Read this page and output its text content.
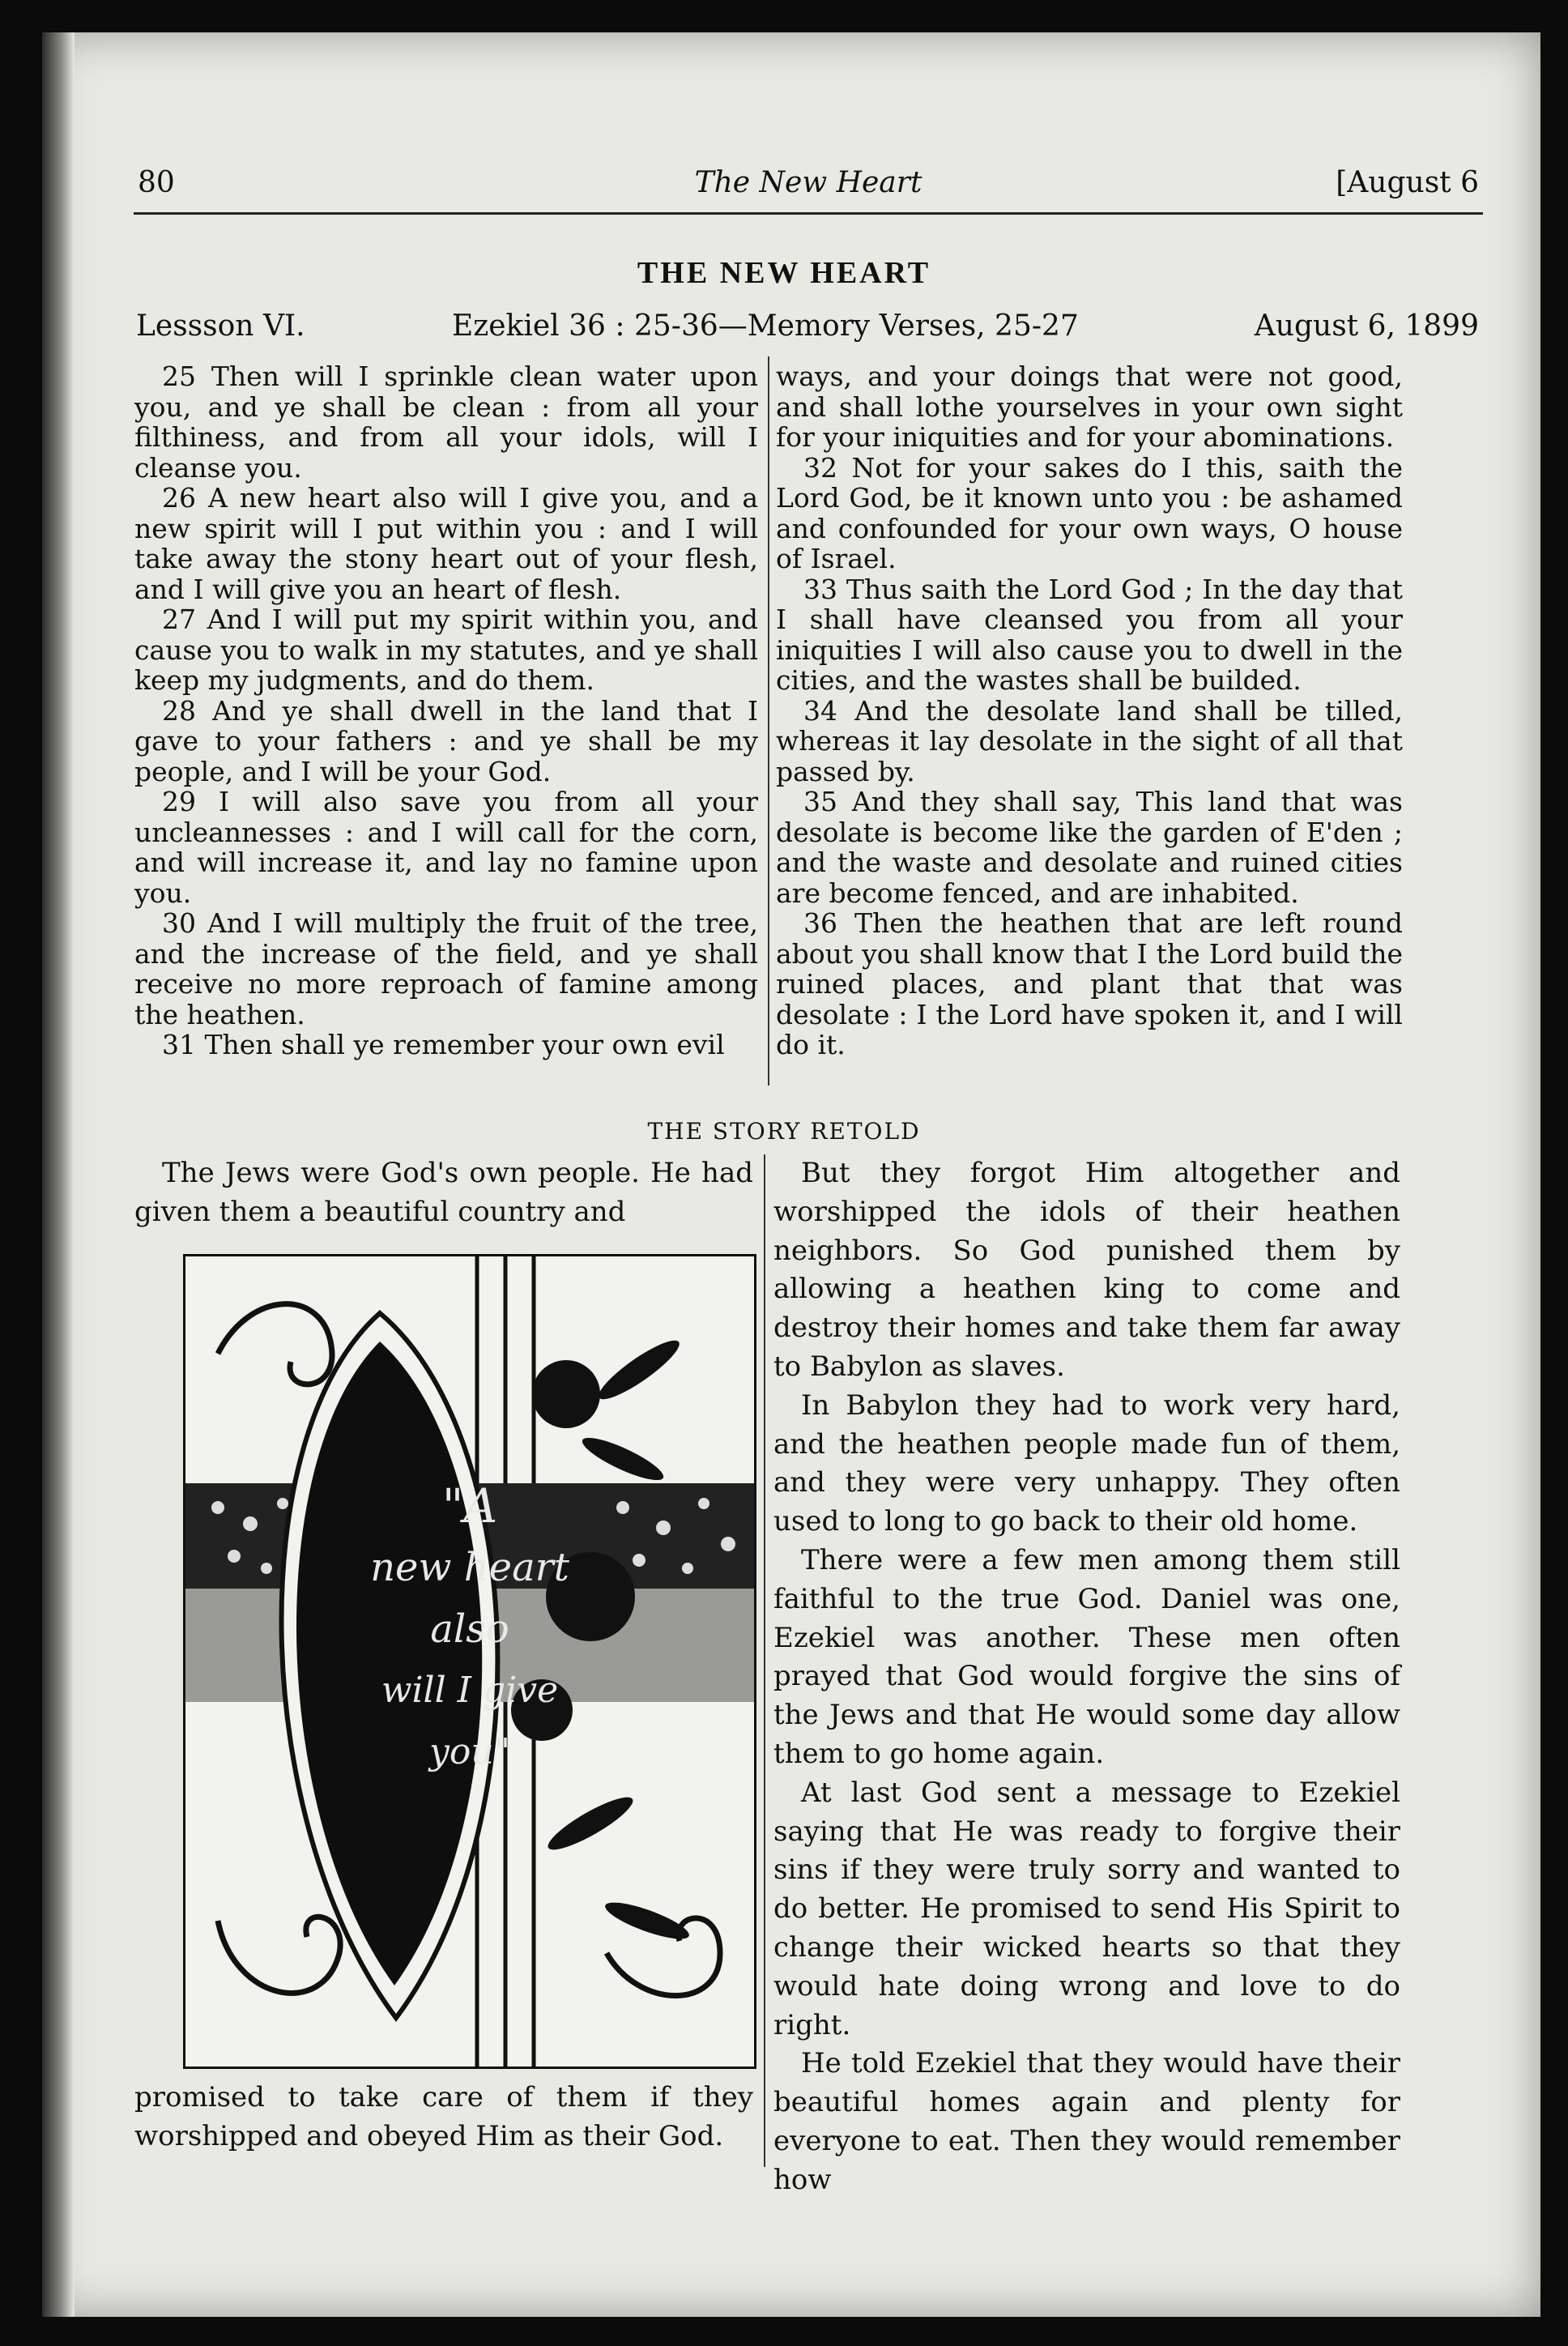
80	The New Heart	[August 6
THE NEW HEART
Lessson VI.	Ezekiel 36 : 25-36—Memory Verses, 25-27	August 6, 1899

25 Then will I sprinkle clean water upon you, and ye shall be clean : from all your filthiness, and from all your idols, will I cleanse you.

26 A new heart also will I give you, and a new spirit will I put within you : and I will take away the stony heart out of your flesh, and I will give you an heart of flesh.

27 And I will put my spirit within you, and cause you to walk in my statutes, and ye shall keep my judgments, and do them.

28 And ye shall dwell in the land that I gave to your fathers : and ye shall be my people, and I will be your God.

29 I will also save you from all your uncleannesses : and I will call for the corn, and will increase it, and lay no famine upon you.

30 And I will multiply the fruit of the tree, and the increase of the field, and ye shall receive no more reproach of famine among the heathen.

31 Then shall ye remember your own evil

ways, and your doings that were not good, and shall lothe yourselves in your own sight for your iniquities and for your abominations.

32 Not for your sakes do I this, saith the Lord God, be it known unto you : be ashamed and confounded for your own ways, O house of Israel.

33 Thus saith the Lord God ; In the day that I shall have cleansed you from all your iniquities I will also cause you to dwell in the cities, and the wastes shall be builded.

34 And the desolate land shall be tilled, whereas it lay desolate in the sight of all that passed by.

35 And they shall say, This land that was desolate is become like the garden of E'den ; and the waste and desolate and ruined cities are become fenced, and are inhabited.

36 Then the heathen that are left round about you shall know that I the Lord build the ruined places, and plant that that was desolate : I the Lord have spoken it, and I will do it.

THE STORY RETOLD

The Jews were God's own people. He had given them a beautiful country and

"A
new heart
also
will I give
you"

promised to take care of them if they worshipped and obeyed Him as their God.

But they forgot Him altogether and worshipped the idols of their heathen neighbors. So God punished them by allowing a heathen king to come and destroy their homes and take them far away to Babylon as slaves.

In Babylon they had to work very hard, and the heathen people made fun of them, and they were very unhappy. They often used to long to go back to their old home.

There were a few men among them still faithful to the true God. Daniel was one, Ezekiel was another. These men often prayed that God would forgive the sins of the Jews and that He would some day allow them to go home again.

At last God sent a message to Ezekiel saying that He was ready to forgive their sins if they were truly sorry and wanted to do better. He promised to send His Spirit to change their wicked hearts so that they would hate doing wrong and love to do right.

He told Ezekiel that they would have their beautiful homes again and plenty for everyone to eat. Then they would remember how
